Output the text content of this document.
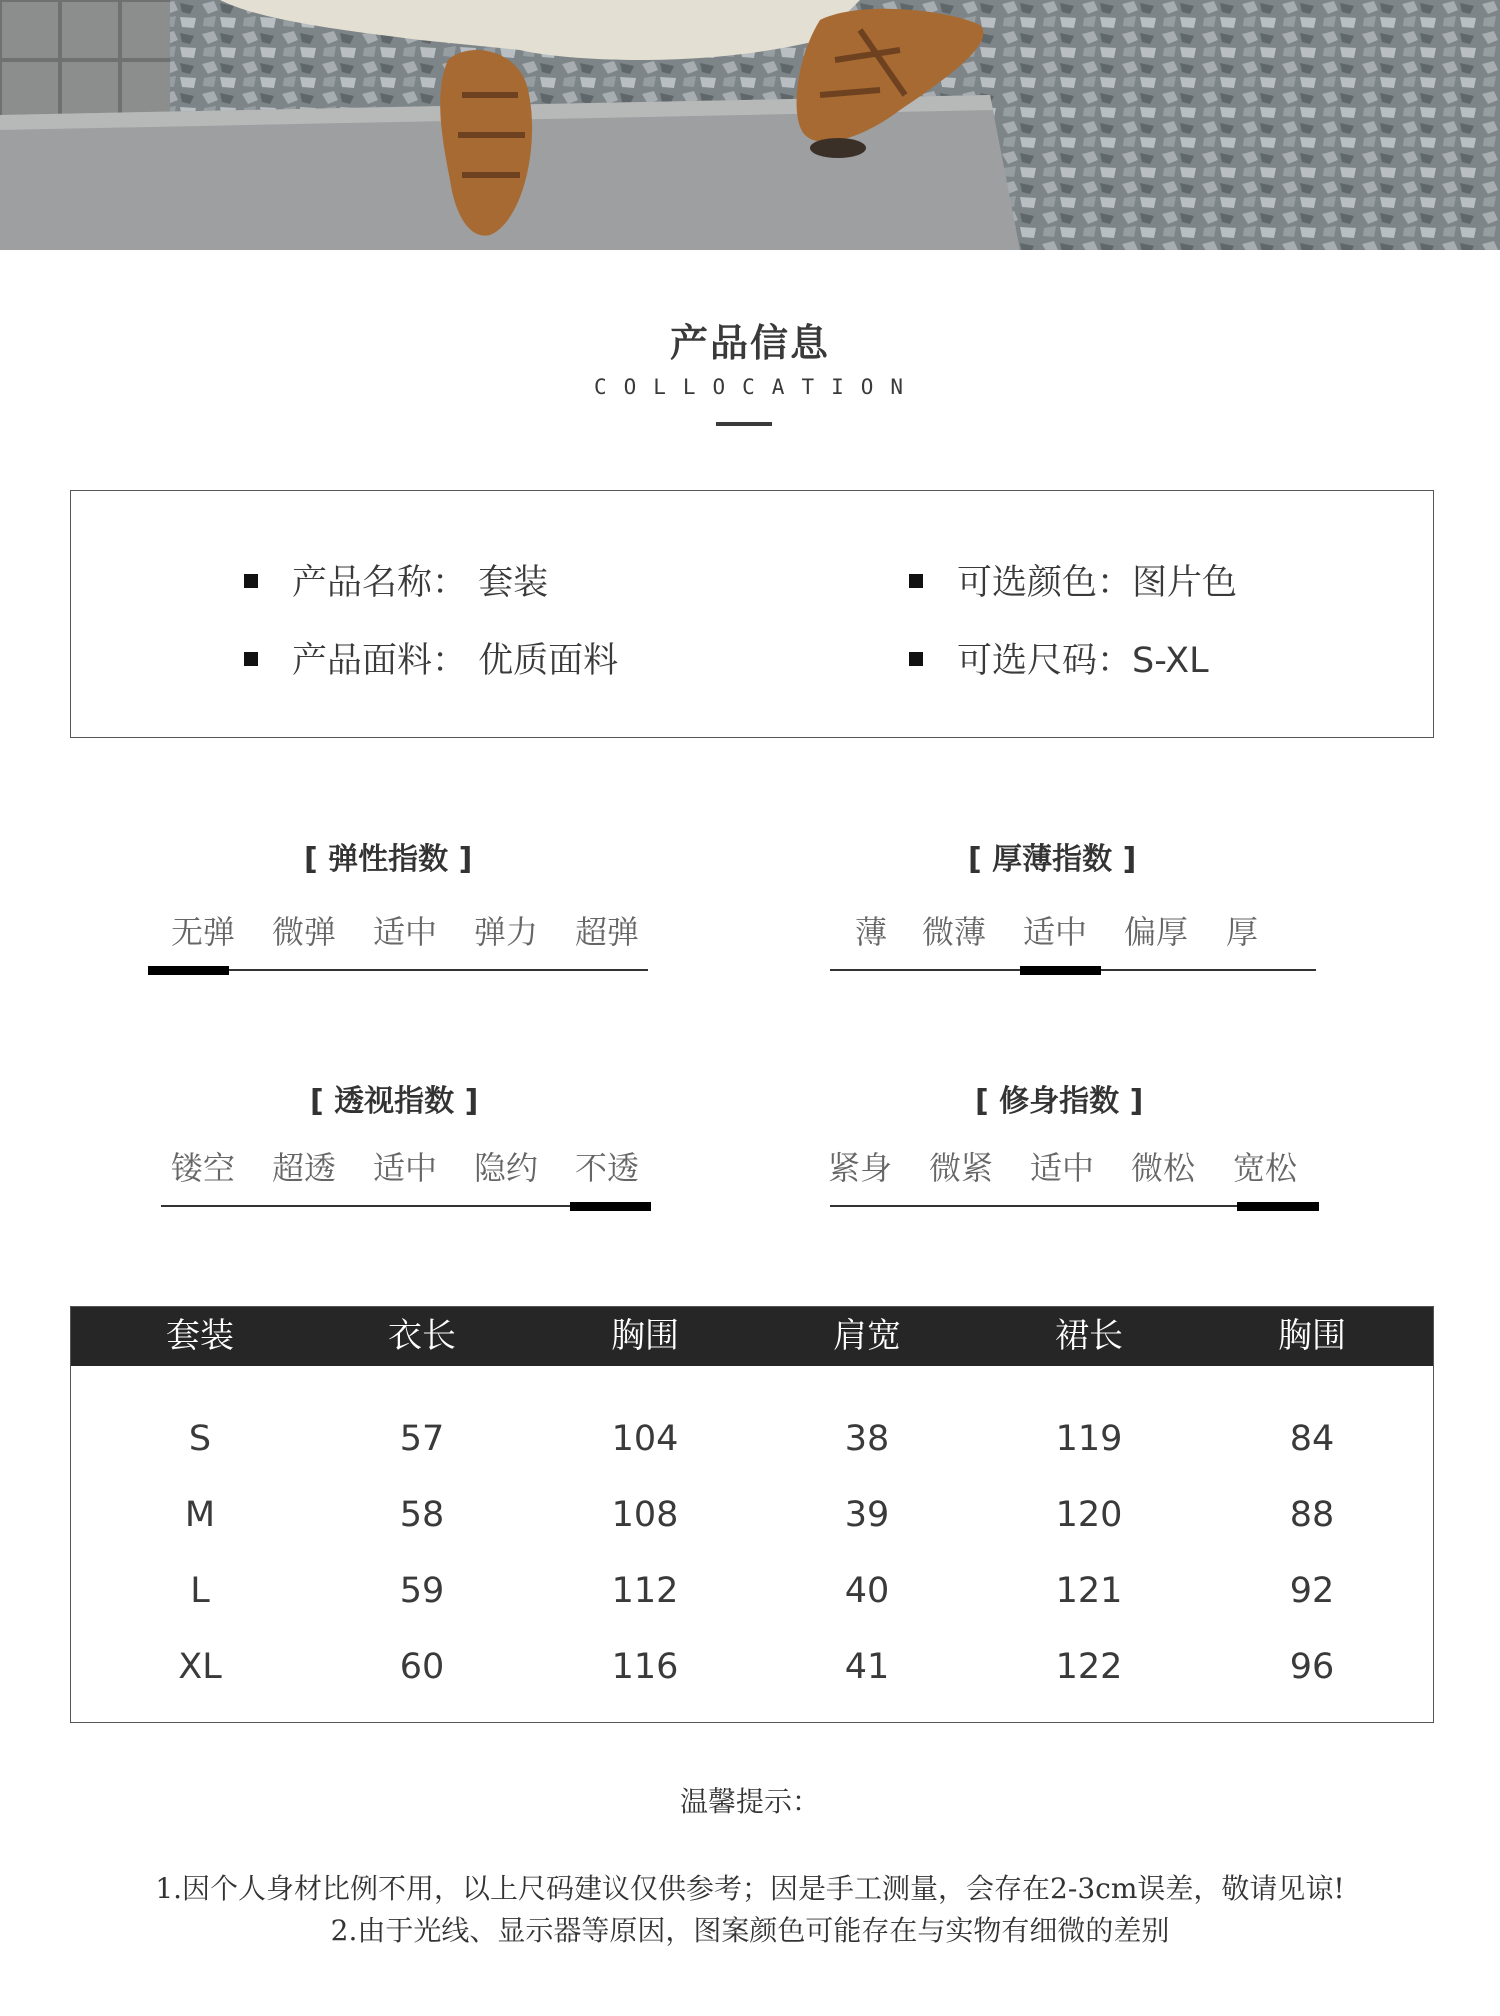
产品信息
COLLOCATION
产品名称： 套装
产品面料： 优质面料
可选颜色：图片色
可选尺码：S-XL
[ 弹性指数 ]
无弹 微弹 适中 弹力 超弹
[ 厚薄指数 ]
薄 微薄 适中 偏厚 厚
[ 透视指数 ]
镂空 超透 适中 隐约 不透
[ 修身指数 ]
紧身 微紧 适中 微松 宽松
套装	衣长	胸围	肩宽	裙长	胸围
S	57	104	38	119	84
M	58	108	39	120	88
L	59	112	40	121	92
XL	60	116	41	122	96
温馨提示：
1.因个人身材比例不用，以上尺码建议仅供参考；因是手工测量，会存在2-3cm误差，敬请见谅!
2.由于光线、显示器等原因，图案颜色可能存在与实物有细微的差别
